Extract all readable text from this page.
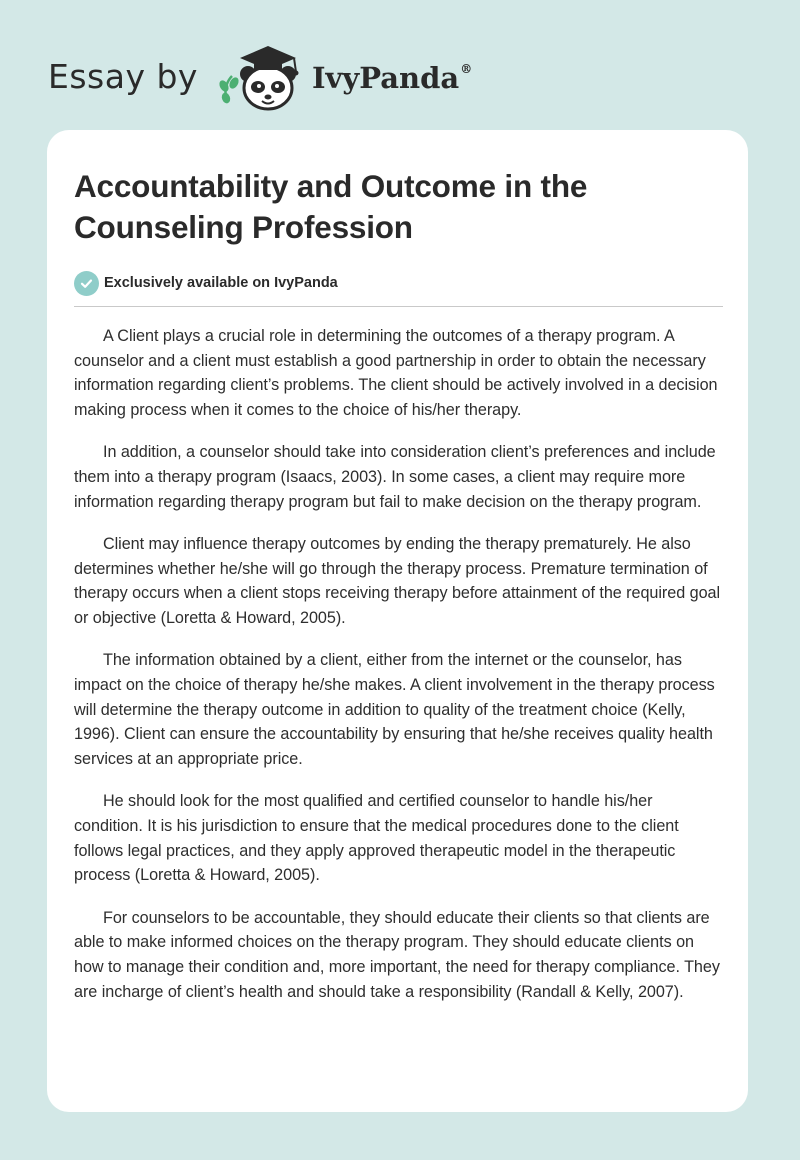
Essay by	IvyPanda®
Accountability and Outcome in the Counseling Profession
Exclusively available on IvyPanda

A Client plays a crucial role in determining the outcomes of a therapy program. A counselor and a client must establish a good partnership in order to obtain the necessary information regarding client’s problems. The client should be actively involved in a decision making process when it comes to the choice of his/her therapy.

In addition, a counselor should take into consideration client’s preferences and include them into a therapy program (Isaacs, 2003). In some cases, a client may require more information regarding therapy program but fail to make decision on the therapy program.

Client may influence therapy outcomes by ending the therapy prematurely. He also determines whether he/she will go through the therapy process. Premature termination of therapy occurs when a client stops receiving therapy before attainment of the required goal or objective (Loretta & Howard, 2005).

The information obtained by a client, either from the internet or the counselor, has impact on the choice of therapy he/she makes. A client involvement in the therapy process will determine the therapy outcome in addition to quality of the treatment choice (Kelly, 1996). Client can ensure the accountability by ensuring that he/she receives quality health services at an appropriate price.

He should look for the most qualified and certified counselor to handle his/her condition. It is his jurisdiction to ensure that the medical procedures done to the client follows legal practices, and they apply approved therapeutic model in the therapeutic process (Loretta & Howard, 2005).

For counselors to be accountable, they should educate their clients so that clients are able to make informed choices on the therapy program. They should educate clients on how to manage their condition and, more important, the need for therapy compliance. They are incharge of client’s health and should take a responsibility (Randall & Kelly, 2007).
